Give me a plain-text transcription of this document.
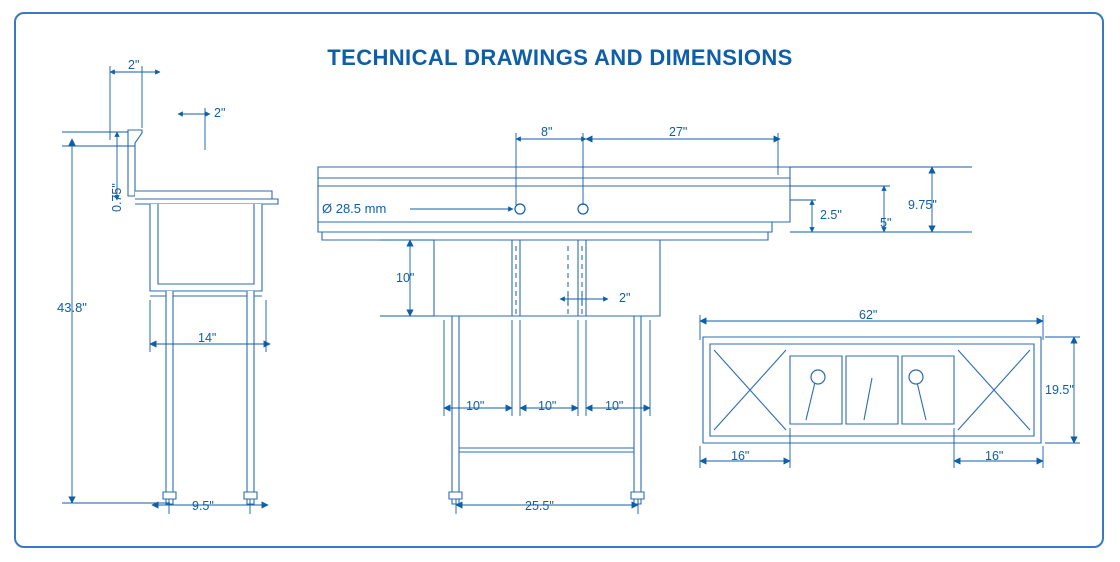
TECHNICAL DRAWINGS AND DIMENSIONS
2"
2"
0.75"
43.8"
14"
9.5"
8"	27"
Ø 28.5 mm	2.5"
5"
9.75"
10"
2"
10"	10"	10"
25.5"
62"
19.5"
16"	16"
